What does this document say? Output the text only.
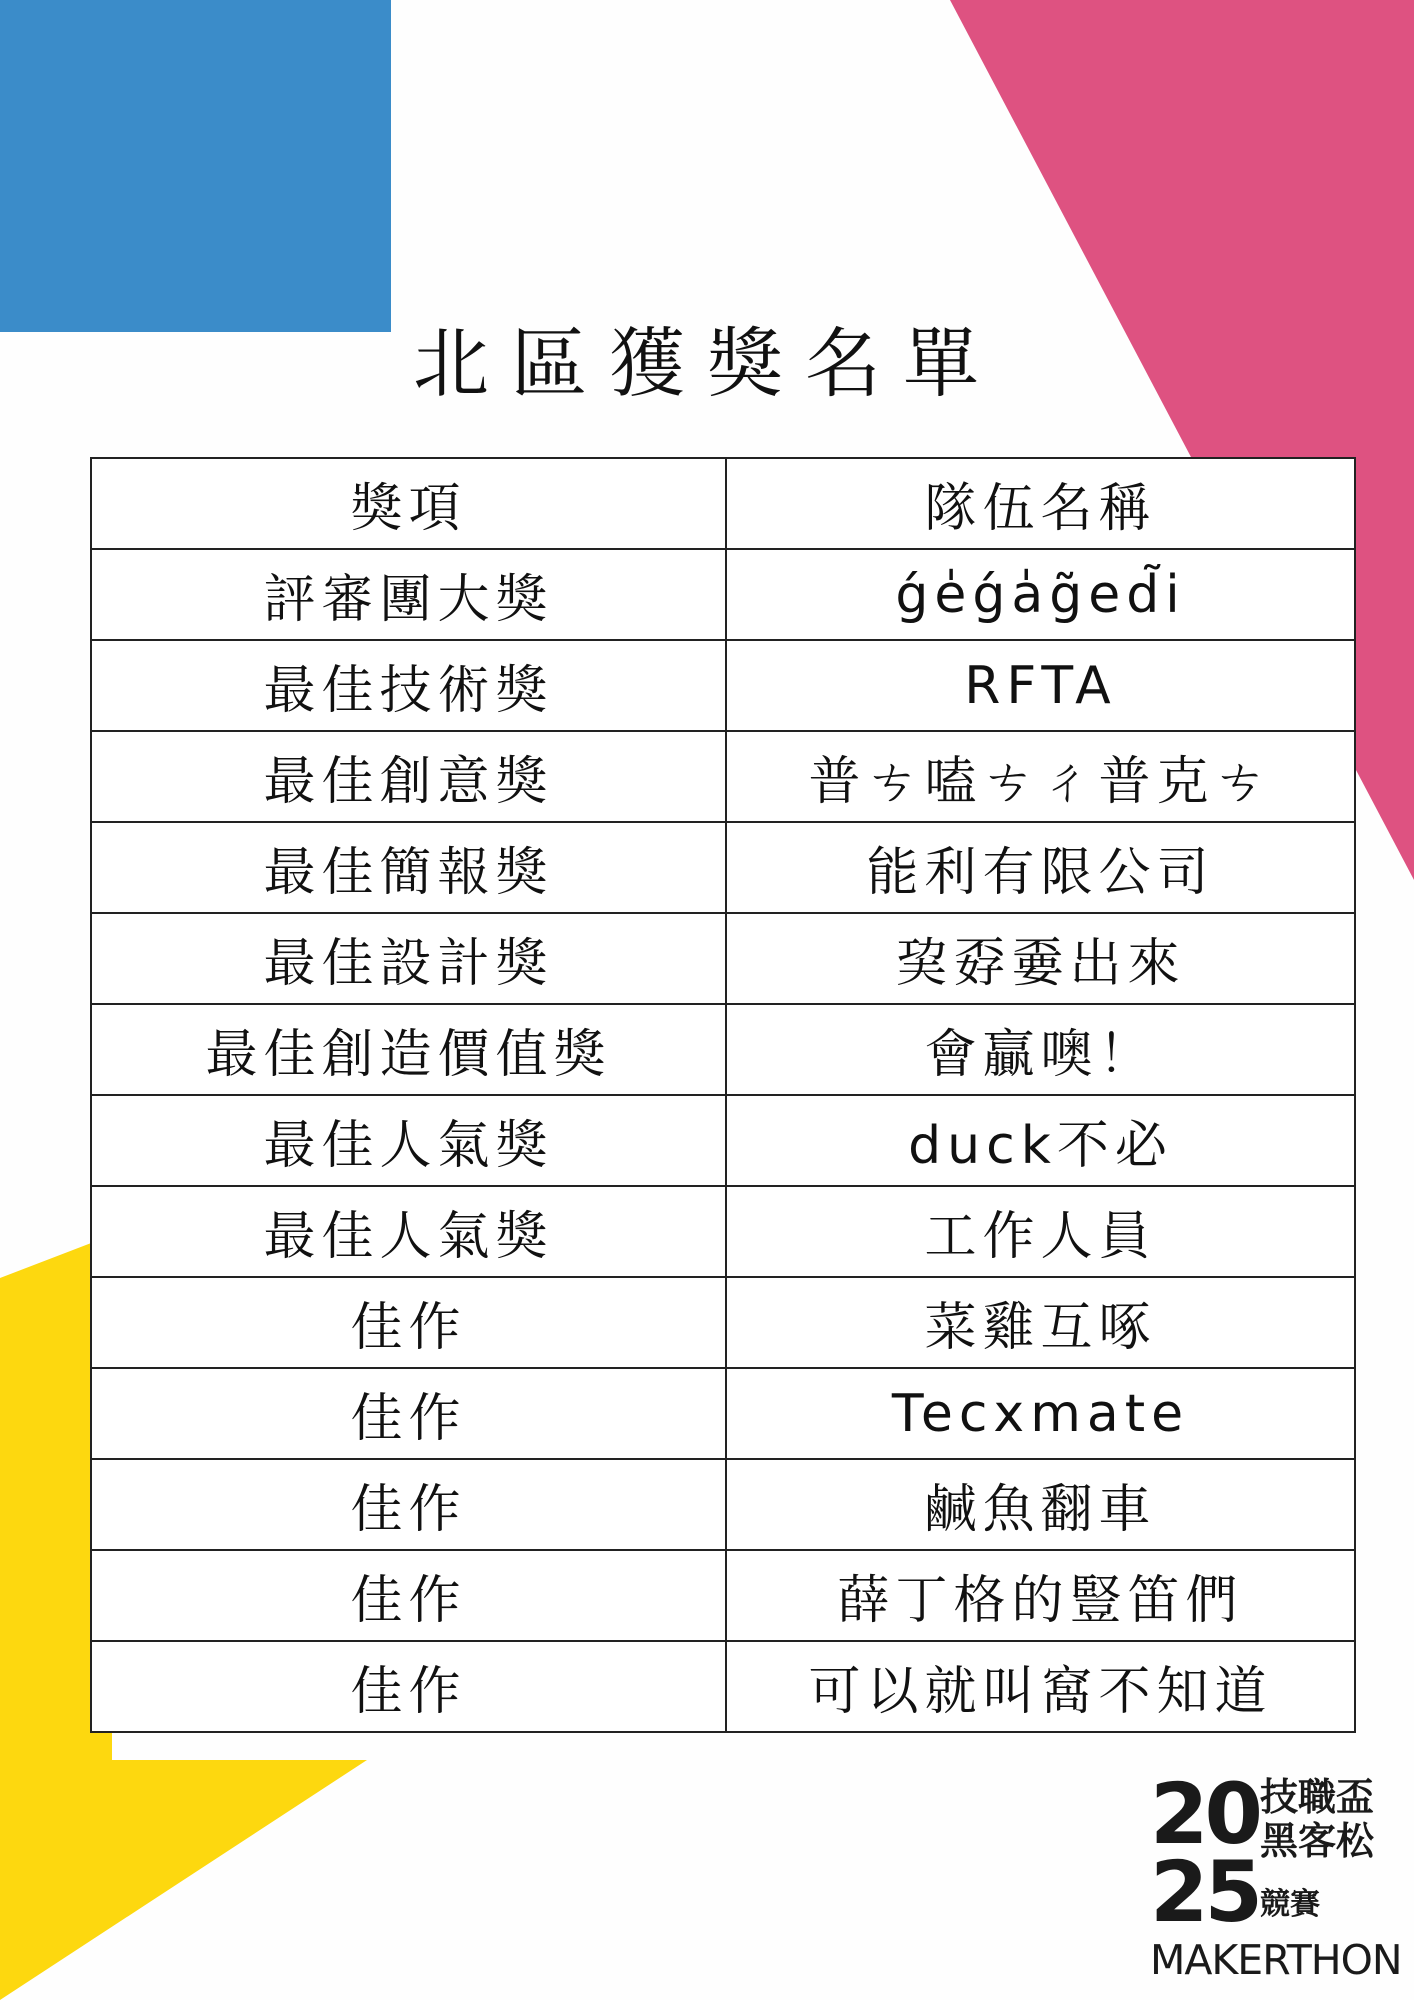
北區獲獎名單
獎項	隊伍名稱
評審團大獎	ǵe̍ǵa̍g̃ed̃i
最佳技術獎	RFTA
最佳創意獎	普ㄘ嗑ㄘㄔ普克ㄘ
最佳簡報獎	能利有限公司
最佳設計獎	巭孬嫑出來
最佳創造價值獎	會贏噢！
最佳人氣獎	duck不必
最佳人氣獎	工作人員
佳作	菜雞互啄
佳作	Tecxmate
佳作	鹹魚翻車
佳作	薛丁格的豎笛們
佳作	可以就叫窩不知道
20
25
技職盃
黑客松
競賽
MAKERTHON
